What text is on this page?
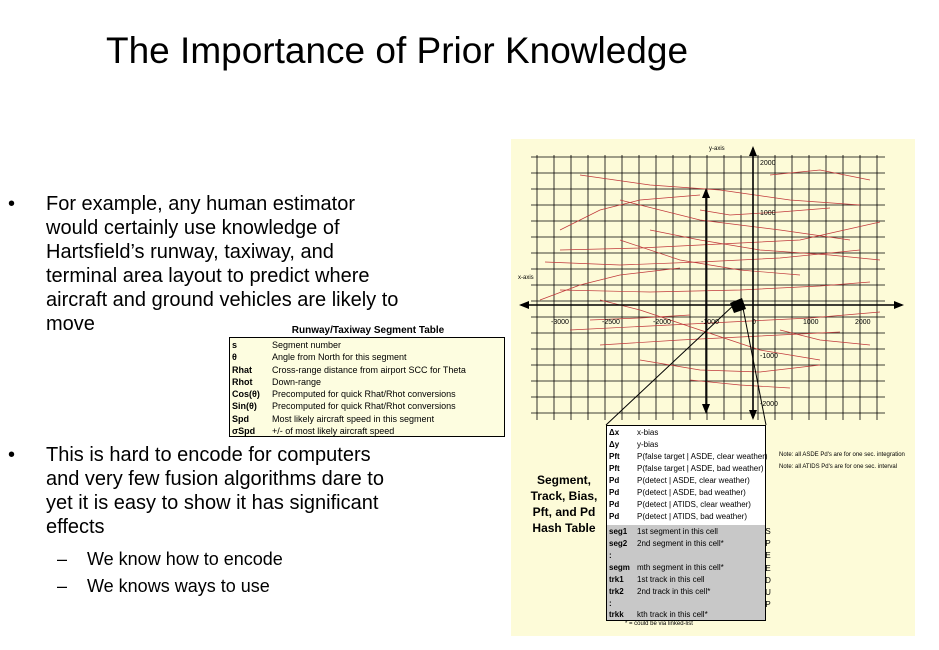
The Importance of Prior Knowledge
• For example, any human estimator
would certainly use knowledge of
Hartsfield’s runway, taxiway, and
terminal area layout to predict where
aircraft and ground vehicles are likely to
move
• This is hard to encode for computers
and very few fusion algorithms dare to
yet it is easy to show it has significant
effects
– We know how to encode
– We knows ways to use
Runway/Taxiway Segment Table
s	Segment number
θ	Angle from North for this segment
Rhat	Cross-range distance from airport SCC for Theta
Rhot	Down-range
Cos(θ)	Precomputed for quick Rhat/Rhot conversions
Sin(θ)	Precomputed for quick Rhat/Rhot conversions
Spd	Most likely aircraft speed in this segment
σSpd	+/- of most likely aircraft speed
y-axis
x-axis
-3000	-2500	-2000	-1000	0	1000	2000
2000
1000
-1000
-2000
Segment,
Track, Bias,
Pft, and Pd
Hash Table
Δx	x-bias
Δy	y-bias
Pft	P(false target | ASDE, clear weather)
Pft	P(false target | ASDE, bad weather)
Pd	P(detect | ASDE, clear weather)
Pd	P(detect | ASDE, bad weather)
Pd	P(detect | ATIDS, clear weather)
Pd	P(detect | ATIDS, bad weather)
seg1	1st segment in this cell
seg2	2nd segment in this cell*
:
segm mth segment in this cell*
trk1	1st track in this cell
trk2	2nd track in this cell*
:
trkk	kth track in this cell*
S
P
E
E
D
U
P
Note: all ASDE Pd's are for one sec. integration
Note: all ATIDS Pd's are for one sec. interval
* = could be via linked-list
